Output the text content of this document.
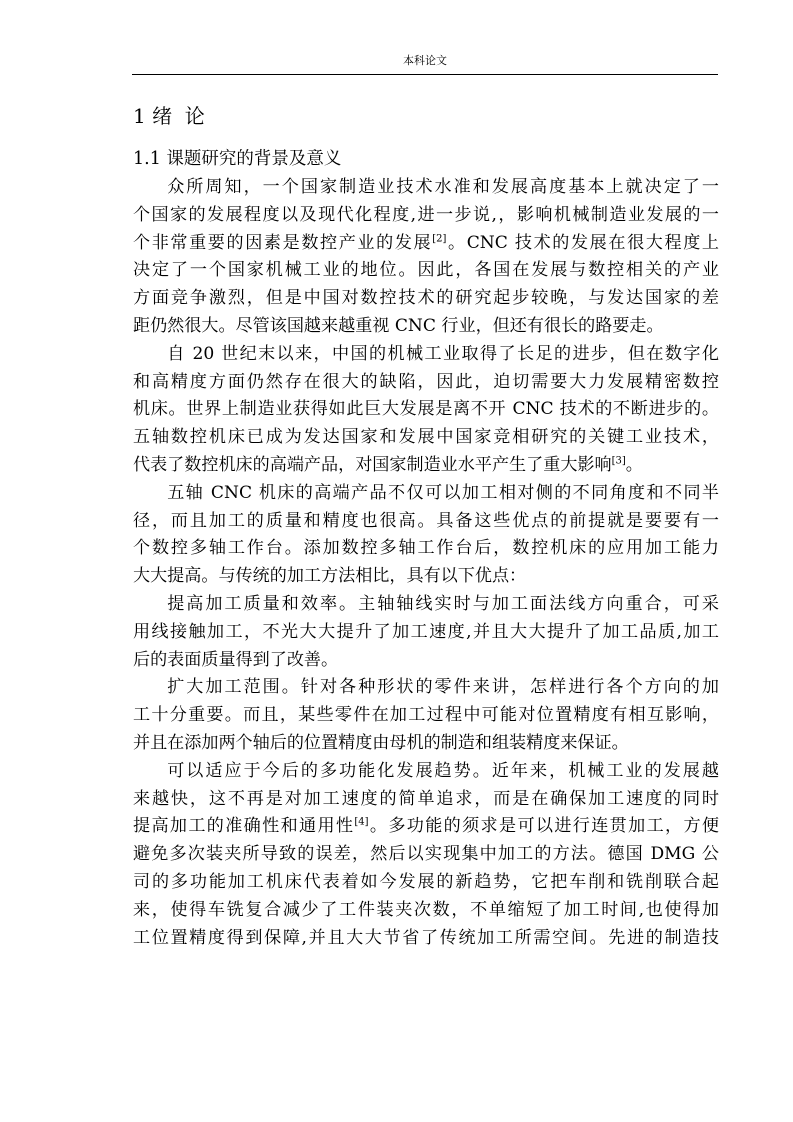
本科论文
1 绪  论
1.1 课题研究的背景及意义
众所周知，一个国家制造业技术水准和发展高度基本上就决定了一
个国家的发展程度以及现代化程度,进一步说,，影响机械制造业发展的一
个非常重要的因素是数控产业的发展[2]。CNC 技术的发展在很大程度上
决定了一个国家机械工业的地位。因此，各国在发展与数控相关的产业
方面竞争激烈，但是中国对数控技术的研究起步较晚，与发达国家的差
距仍然很大。尽管该国越来越重视 CNC 行业，但还有很长的路要走。
自 20 世纪末以来，中国的机械工业取得了长足的进步，但在数字化
和高精度方面仍然存在很大的缺陷，因此，迫切需要大力发展精密数控
机床。世界上制造业获得如此巨大发展是离不开 CNC 技术的不断进步的。
五轴数控机床已成为发达国家和发展中国家竞相研究的关键工业技术，
代表了数控机床的高端产品，对国家制造业水平产生了重大影响[3]。
五轴 CNC 机床的高端产品不仅可以加工相对侧的不同角度和不同半
径，而且加工的质量和精度也很高。具备这些优点的前提就是要要有一
个数控多轴工作台。添加数控多轴工作台后，数控机床的应用加工能力
大大提高。与传统的加工方法相比，具有以下优点：
提高加工质量和效率。主轴轴线实时与加工面法线方向重合，可采
用线接触加工，不光大大提升了加工速度,并且大大提升了加工品质,加工
后的表面质量得到了改善。
扩大加工范围。针对各种形状的零件来讲，怎样进行各个方向的加
工十分重要。而且，某些零件在加工过程中可能对位置精度有相互影响，
并且在添加两个轴后的位置精度由母机的制造和组装精度来保证。
可以适应于今后的多功能化发展趋势。近年来，机械工业的发展越
来越快，这不再是对加工速度的简单追求，而是在确保加工速度的同时
提高加工的准确性和通用性[4]。多功能的须求是可以进行连贯加工，方便
避免多次装夹所导致的误差，然后以实现集中加工的方法。德国 DMG 公
司的多功能加工机床代表着如今发展的新趋势，它把车削和铣削联合起
来，使得车铣复合减少了工件装夹次数，不单缩短了加工时间,也使得加
工位置精度得到保障,并且大大节省了传统加工所需空间。先进的制造技
